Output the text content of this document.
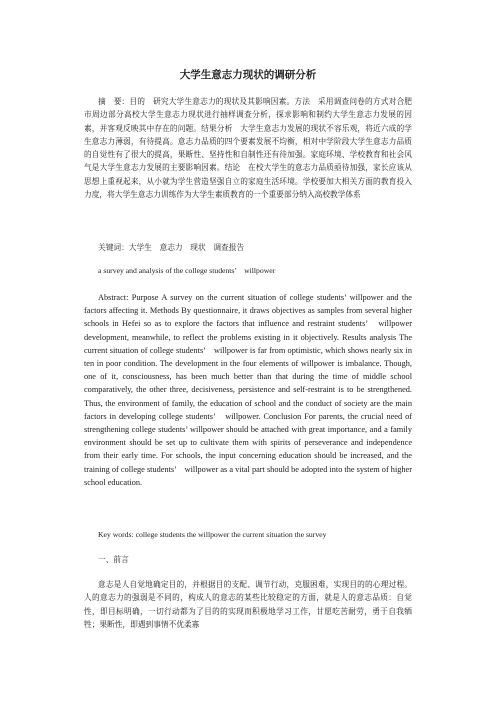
大学生意志力现状的调研分析

摘　要：目的　研究大学生意志力的现状及其影响因素。方法　采用调查问卷的方式对合肥市周边部分高校大学生意志力现状进行抽样调查分析，探求影响和制约大学生意志力发展的因素，并客观反映其中存在的问题。结果分析　大学生意志力发展的现状不容乐观，将近六成的学生意志力薄弱，有待提高。意志力品质的四个要素发展不均衡，相对中学阶段大学生意志力品质的自觉性有了很大的提高，果断性、坚持性和自制性还有待加强。家庭环境、学校教育和社会风气是大学生意志力发展的主要影响因素。结论　在校大学生的意志力品质亟待加强，家长应该从思想上重视起来，从小就为学生营造坚强自立的家庭生活环境。学校要加大相关方面的教育投入力度，将大学生意志力训练作为大学生素质教育的一个重要部分纳入高校教学体系

关键词：大学生　意志力　现状　调查报告

a survey and analysis of the college students’　willpower

Abstract: Purpose A survey on the current situation of college students’ willpower and the factors affecting it. Methods By questionnaire, it draws objectives as samples from several higher schools in Hefei so as to explore the factors that influence and restraint students’　willpower development, meanwhile, to reflect the problems existing in it objectively. Results analysis The current situation of college students’　willpower is far from optimistic, which shows nearly six in ten in poor condition. The development in the four elements of willpower is imbalance. Though, one of it, consciousness, has been much better than that during the time of middle school comparatively, the other three, decisiveness, persistence and self-restraint is to be strengthened. Thus, the environment of family, the education of school and the conduct of society are the main factors in developing college students’　willpower. Conclusion For parents, the crucial need of strengthening college students’ willpower should be attached with great importance, and a family environment should be set up to cultivate them with spirits of perseverance and independence from their early time. For schools, the input concerning education should be increased, and the training of college students’　willpower as a vital part should be adopted into the system of higher school education.

Key words: college students the willpower the current situation the survey

一、前言

意志是人自觉地确定目的，并根据目的支配、调节行动，克服困难，实现目的的心理过程。人的意志力的强弱是不同的，构成人的意志的某些比较稳定的方面，就是人的意志品质：自觉性，即目标明确，一切行动都为了目的的实现而积极地学习工作，甘愿吃苦耐劳，勇于自我牺牲；果断性，即遇到事情不优柔寡
